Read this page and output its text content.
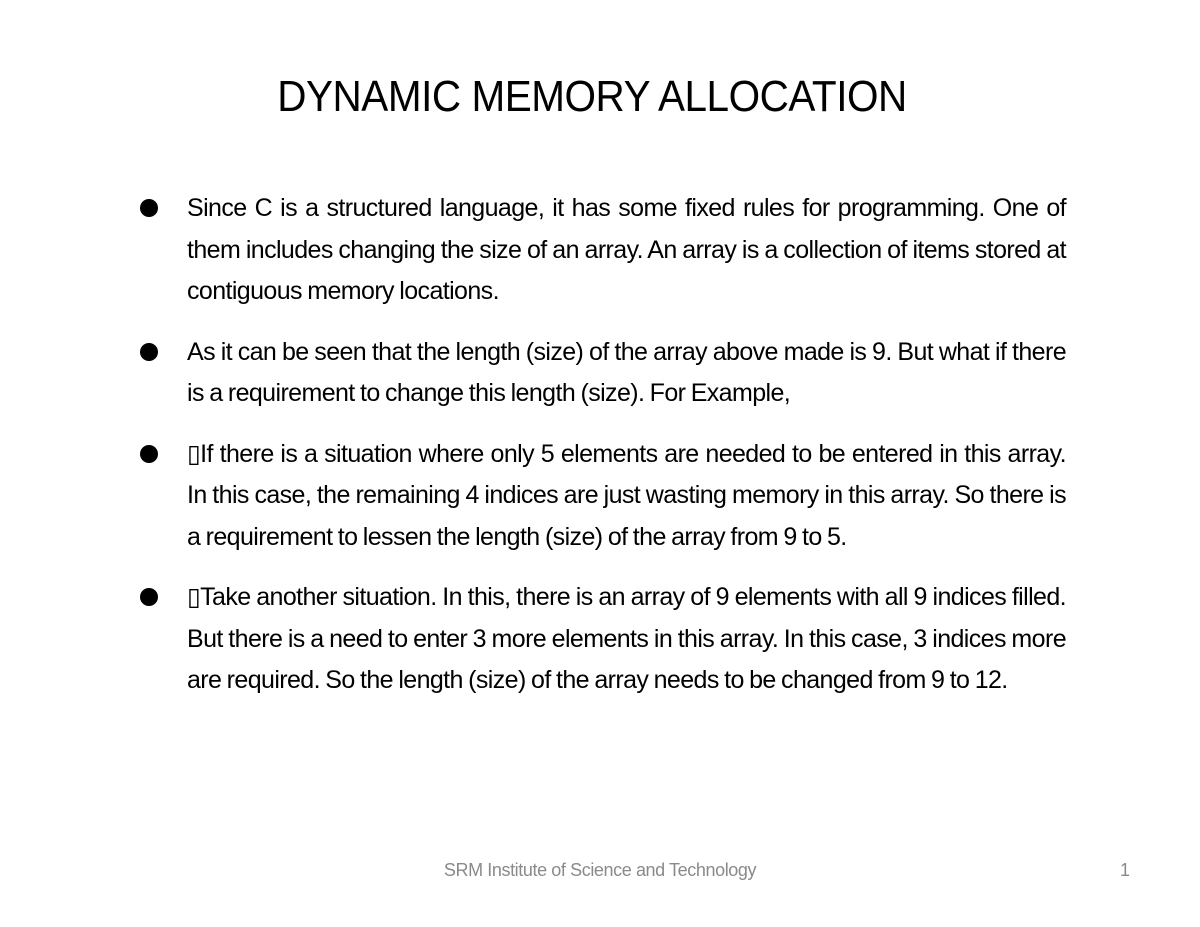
DYNAMIC MEMORY ALLOCATION
Since C is a structured language, it has some fixed rules for programming. One of them includes changing the size of an array. An array is a collection of items stored at contiguous memory locations.
As it can be seen that the length (size) of the array above made is 9. But what if there is a requirement to change this length (size). For Example,
▯If there is a situation where only 5 elements are needed to be entered in this array. In this case, the remaining 4 indices are just wasting memory in this array. So there is a requirement to lessen the length (size) of the array from 9 to 5.
▯Take another situation. In this, there is an array of 9 elements with all 9 indices filled. But there is a need to enter 3 more elements in this array. In this case, 3 indices more are required. So the length (size) of the array needs to be changed from 9 to 12.
SRM Institute of Science and Technology	1
